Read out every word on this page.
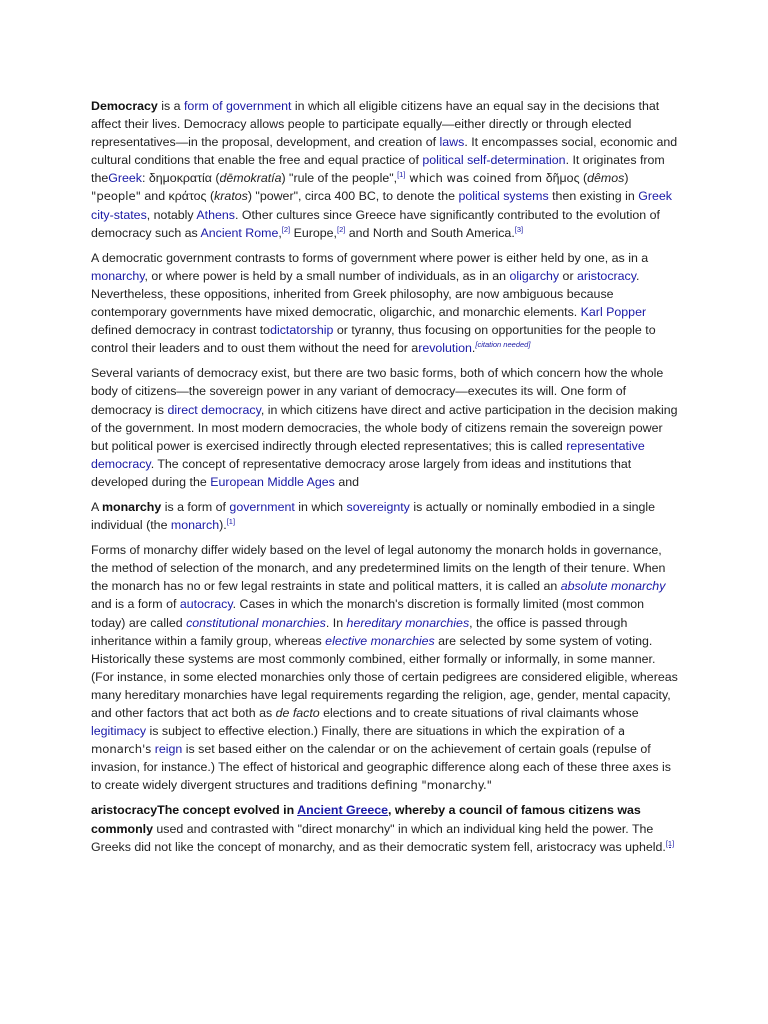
Democracy is a form of government in which all eligible citizens have an equal say in the decisions that affect their lives. Democracy allows people to participate equally—either directly or through elected representatives—in the proposal, development, and creation of laws. It encompasses social, economic and cultural conditions that enable the free and equal practice of political self-determination. It originates from theGreek: δημοκρατία (dēmokratía) "rule of the people",[1] which was coined from δῆμος (dêmos) "people" and κράτος (kratos) "power", circa 400 BC, to denote the political systems then existing in Greek city-states, notably Athens. Other cultures since Greece have significantly contributed to the evolution of democracy such as Ancient Rome,[2] Europe,[2] and North and South America.[3]

A democratic government contrasts to forms of government where power is either held by one, as in a monarchy, or where power is held by a small number of individuals, as in an oligarchy or aristocracy. Nevertheless, these oppositions, inherited from Greek philosophy, are now ambiguous because contemporary governments have mixed democratic, oligarchic, and monarchic elements. Karl Popper defined democracy in contrast todictatorship or tyranny, thus focusing on opportunities for the people to control their leaders and to oust them without the need for arevolution.[citation needed]

Several variants of democracy exist, but there are two basic forms, both of which concern how the whole body of citizens—the sovereign power in any variant of democracy—executes its will. One form of democracy is direct democracy, in which citizens have direct and active participation in the decision making of the government. In most modern democracies, the whole body of citizens remain the sovereign power but political power is exercised indirectly through elected representatives; this is called representative democracy. The concept of representative democracy arose largely from ideas and institutions that developed during the European Middle Ages and

A monarchy is a form of government in which sovereignty is actually or nominally embodied in a single individual (the monarch).[1]

Forms of monarchy differ widely based on the level of legal autonomy the monarch holds in governance, the method of selection of the monarch, and any predetermined limits on the length of their tenure. When the monarch has no or few legal restraints in state and political matters, it is called an absolute monarchy and is a form of autocracy. Cases in which the monarch's discretion is formally limited (most common today) are called constitutional monarchies. In hereditary monarchies, the office is passed through inheritance within a family group, whereas elective monarchies are selected by some system of voting. Historically these systems are most commonly combined, either formally or informally, in some manner. (For instance, in some elected monarchies only those of certain pedigrees are considered eligible, whereas many hereditary monarchies have legal requirements regarding the religion, age, gender, mental capacity, and other factors that act both as de facto elections and to create situations of rival claimants whose legitimacy is subject to effective election.) Finally, there are situations in which the expiration of a monarch's reign is set based either on the calendar or on the achievement of certain goals (repulse of invasion, for instance.) The effect of historical and geographic difference along each of these three axes is to create widely divergent structures and traditions defining "monarchy."

aristocracyThe concept evolved in Ancient Greece, whereby a council of famous citizens was commonly used and contrasted with "direct monarchy" in which an individual king held the power. The Greeks did not like the concept of monarchy, and as their democratic system fell, aristocracy was upheld.[1]
